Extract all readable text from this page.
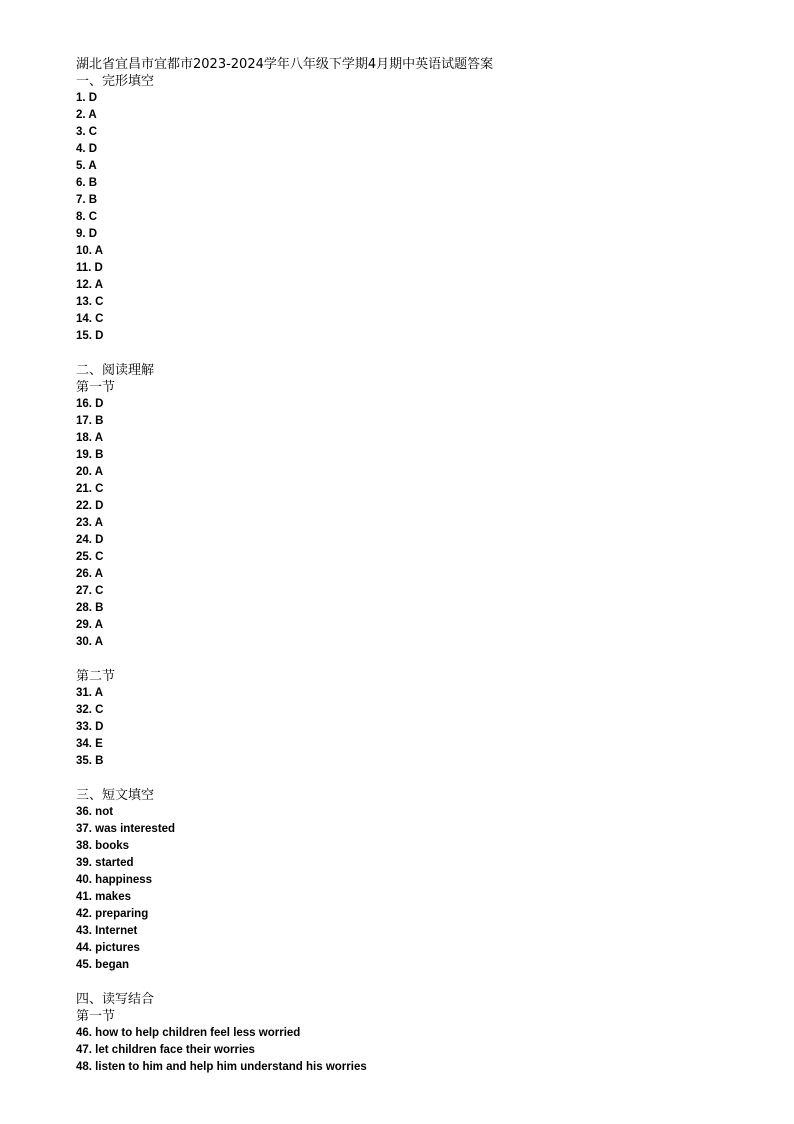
湖北省宜昌市宜都市2023-2024学年八年级下学期4月期中英语试题答案
一、完形填空
1. D
2. A
3. C
4. D
5. A
6. B
7. B
8. C
9. D
10. A
11. D
12. A
13. C
14. C
15. D
二、阅读理解
第一节
16. D
17. B
18. A
19. B
20. A
21. C
22. D
23. A
24. D
25. C
26. A
27. C
28. B
29. A
30. A
第二节
31. A
32. C
33. D
34. E
35. B
三、短文填空
36. not
37. was interested
38. books
39. started
40. happiness
41. makes
42. preparing
43. Internet
44. pictures
45. began
四、读写结合
第一节
46. how to help children feel less worried
47. let children face their worries
48. listen to him and help him understand his worries
